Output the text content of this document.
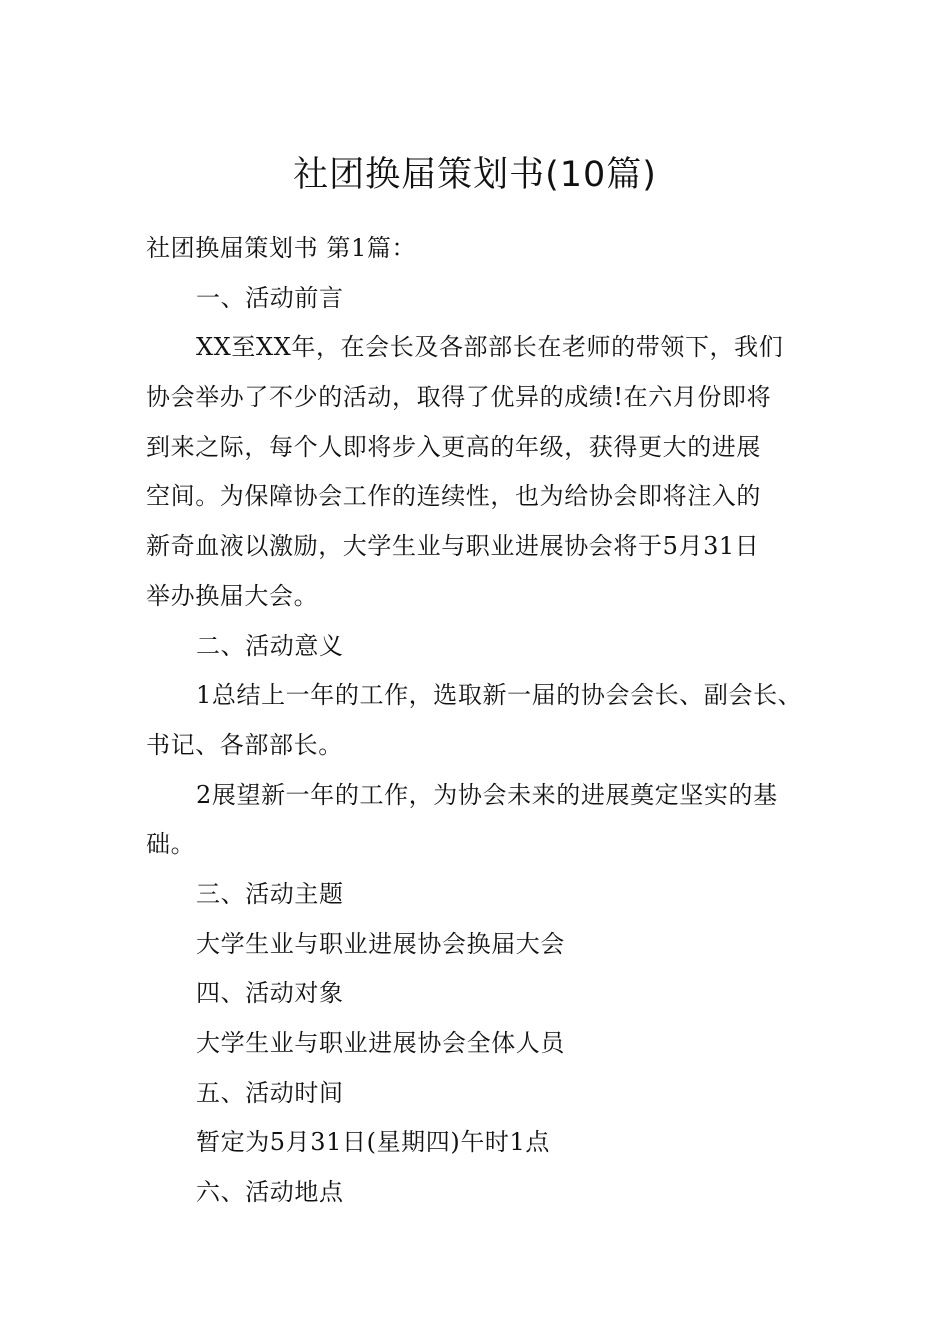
社团换届策划书(10篇)
社团换届策划书 第1篇：
一、活动前言
XX至XX年，在会长及各部部长在老师的带领下，我们
协会举办了不少的活动，取得了优异的成绩!在六月份即将
到来之际，每个人即将步入更高的年级，获得更大的进展
空间。为保障协会工作的连续性，也为给协会即将注入的
新奇血液以激励，大学生业与职业进展协会将于5月31日
举办换届大会。
二、活动意义
1总结上一年的工作，选取新一届的协会会长、副会长、
书记、各部部长。
2展望新一年的工作，为协会未来的进展奠定坚实的基
础。
三、活动主题
大学生业与职业进展协会换届大会
四、活动对象
大学生业与职业进展协会全体人员
五、活动时间
暂定为5月31日(星期四)午时1点
六、活动地点
